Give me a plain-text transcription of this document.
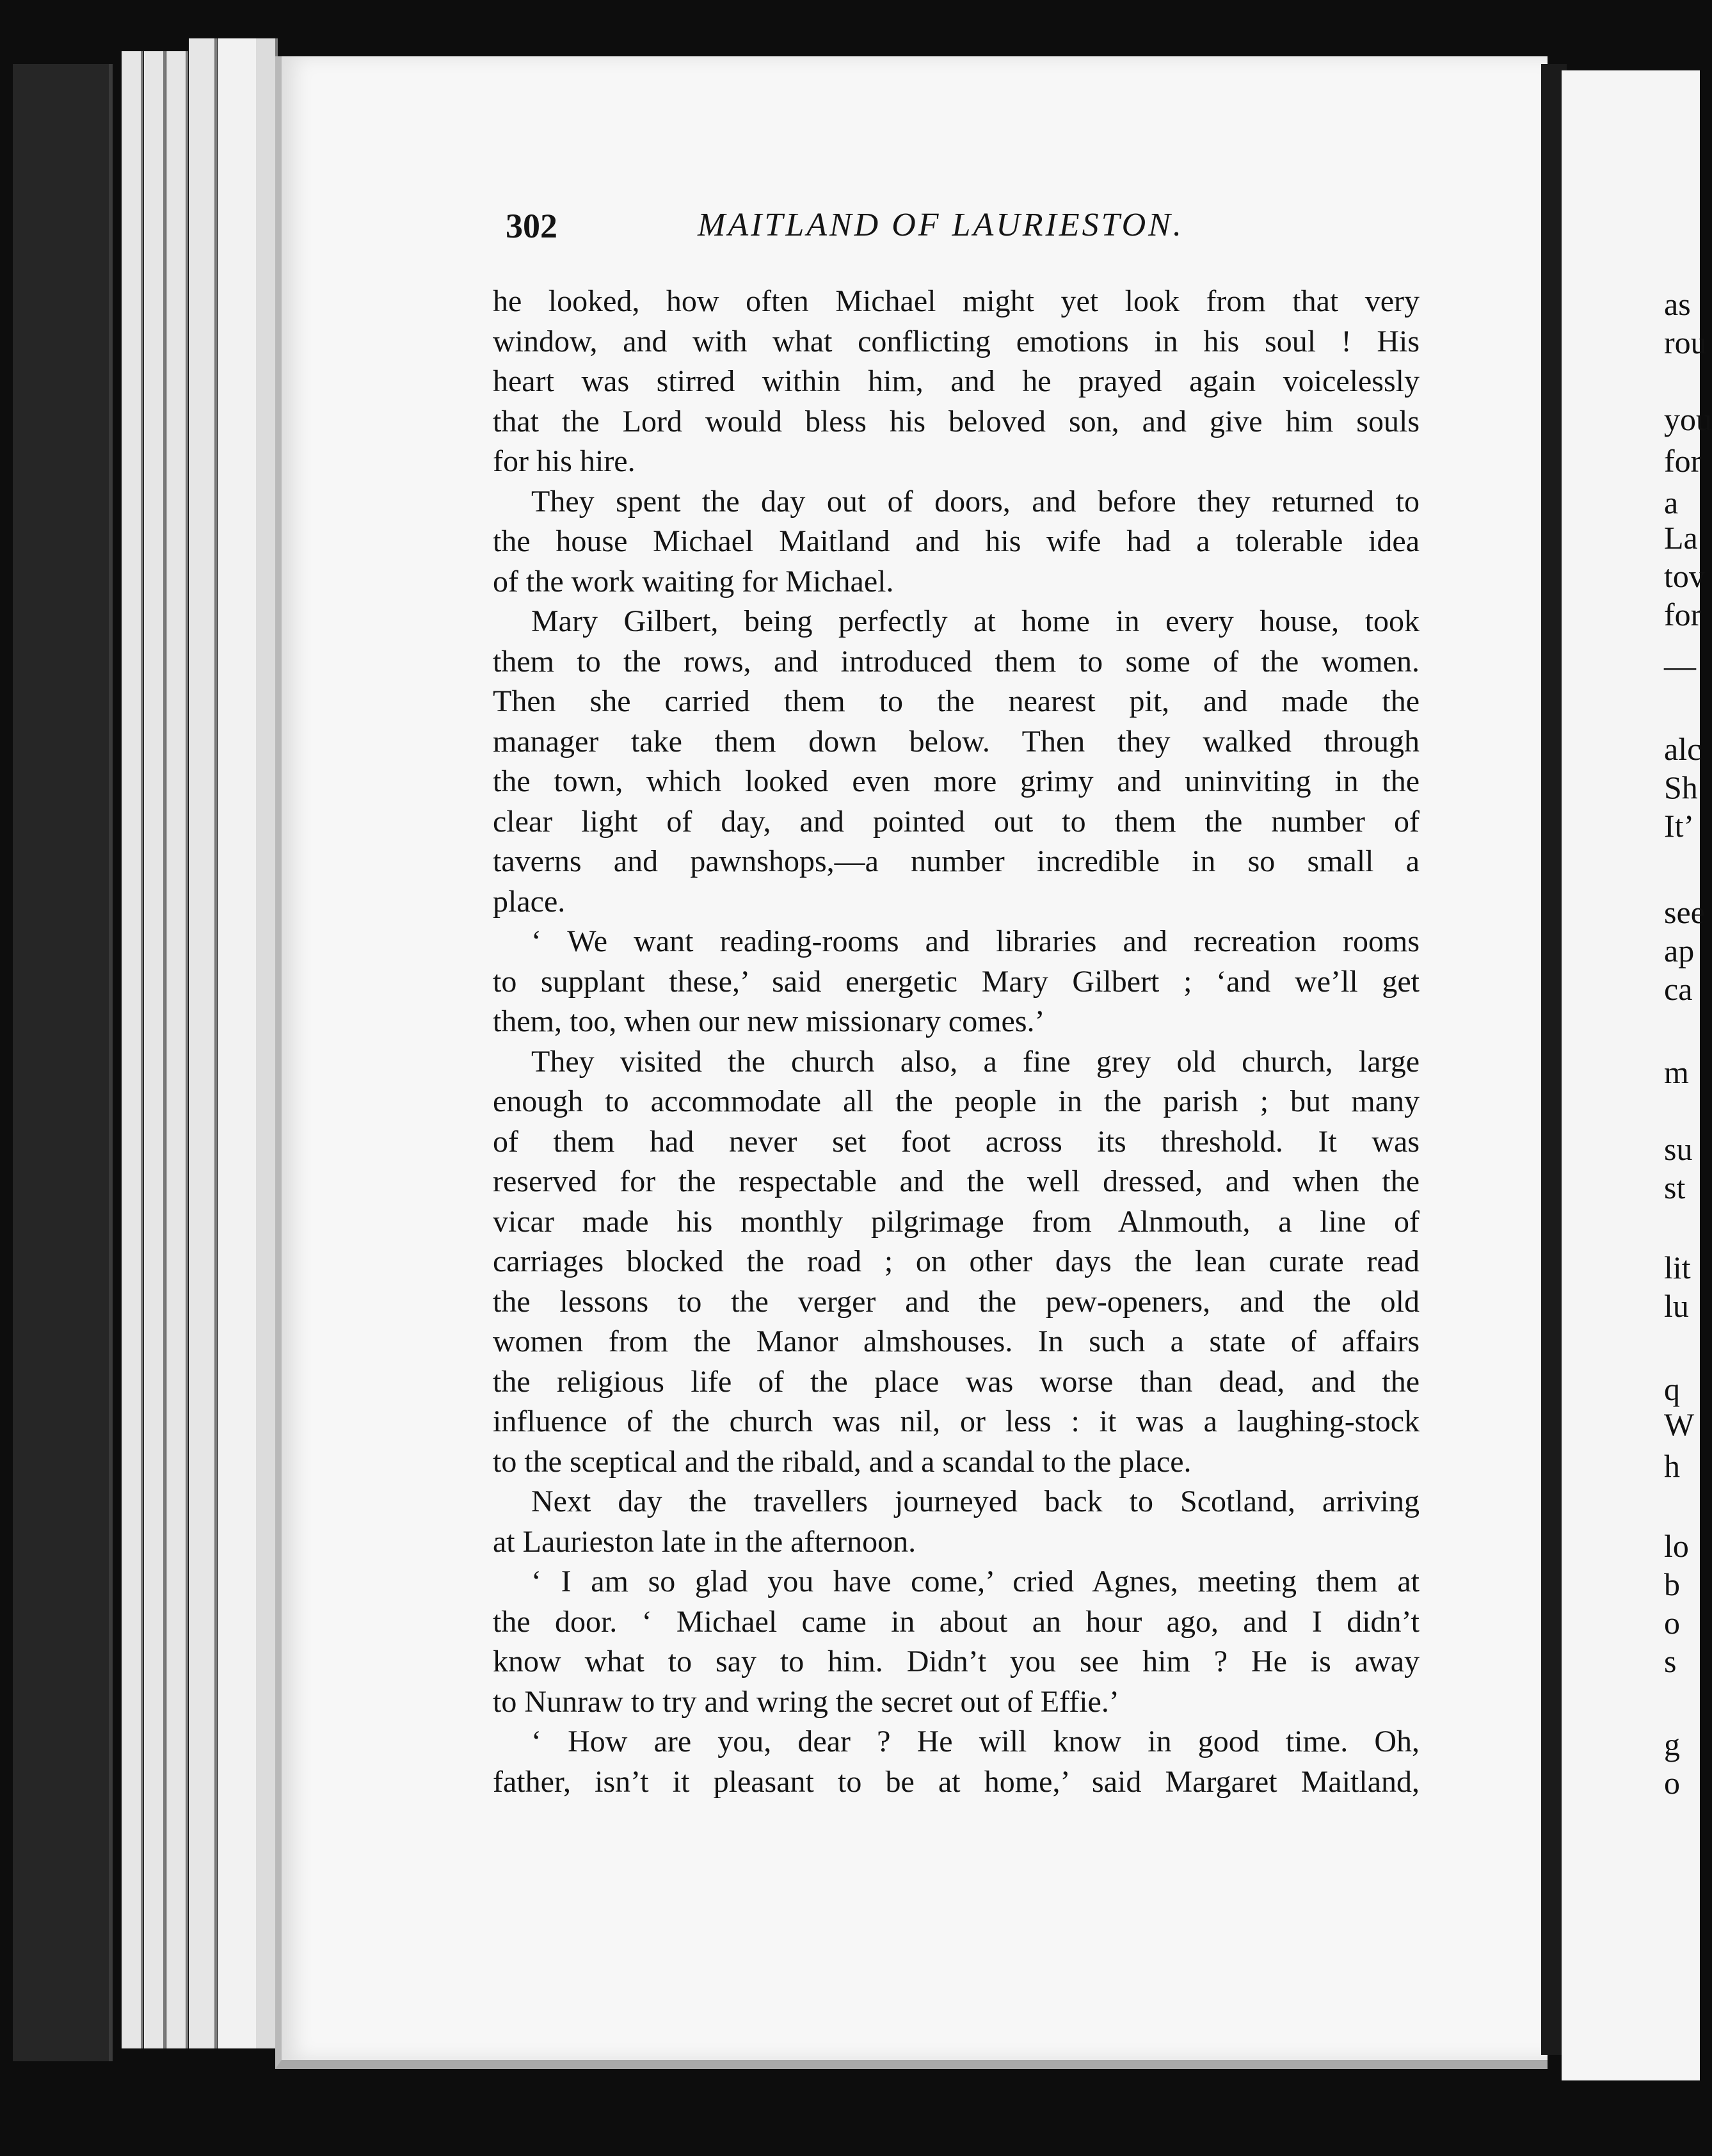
as
rou
you
for
a
La
tov
for
—
alc
Sh
It’
see
ap
ca
m
su
st
lit
lu
q
W
h
lo
b
o
s
g
o
302	MAITLAND OF LAURIESTON.
he looked, how often Michael might yet look from that very
window, and with what conflicting emotions in his soul ! His
heart was stirred within him, and he prayed again voicelessly
that the Lord would bless his beloved son, and give him souls
for his hire.
They spent the day out of doors, and before they returned to
the house Michael Maitland and his wife had a tolerable idea
of the work waiting for Michael.
Mary Gilbert, being perfectly at home in every house, took
them to the rows, and introduced them to some of the women.
Then she carried them to the nearest pit, and made the
manager take them down below. Then they walked through
the town, which looked even more grimy and uninviting in the
clear light of day, and pointed out to them the number of
taverns and pawnshops,—a number incredible in so small a
place.
‘ We want reading-rooms and libraries and recreation rooms
to supplant these,’ said energetic Mary Gilbert ; ‘and we’ll get
them, too, when our new missionary comes.’
They visited the church also, a fine grey old church, large
enough to accommodate all the people in the parish ; but many
of them had never set foot across its threshold. It was
reserved for the respectable and the well dressed, and when the
vicar made his monthly pilgrimage from Alnmouth, a line of
carriages blocked the road ; on other days the lean curate read
the lessons to the verger and the pew-openers, and the old
women from the Manor almshouses. In such a state of affairs
the religious life of the place was worse than dead, and the
influence of the church was nil, or less : it was a laughing-stock
to the sceptical and the ribald, and a scandal to the place.
Next day the travellers journeyed back to Scotland, arriving
at Laurieston late in the afternoon.
‘ I am so glad you have come,’ cried Agnes, meeting them at
the door. ‘ Michael came in about an hour ago, and I didn’t
know what to say to him. Didn’t you see him ? He is away
to Nunraw to try and wring the secret out of Effie.’
‘ How are you, dear ? He will know in good time. Oh,
father, isn’t it pleasant to be at home,’ said Margaret Maitland,
